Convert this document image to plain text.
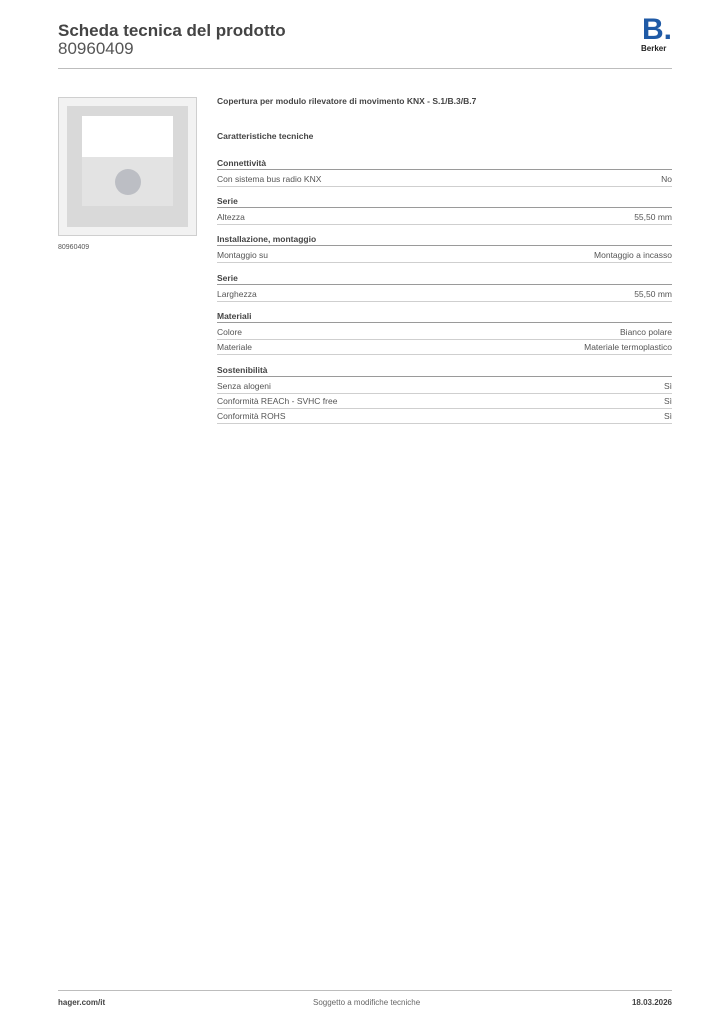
Scheda tecnica del prodotto
80960409
B.
Berker
80960409
Copertura per modulo rilevatore di movimento KNX - S.1/B.3/B.7
Caratteristiche tecniche
Connettività
Con sistema bus radio KNX	No
Serie
Altezza	55,50 mm
Installazione, montaggio
Montaggio su	Montaggio a incasso
Serie
Larghezza	55,50 mm
Materiali
Colore	Bianco polare
Materiale	Materiale termoplastico
Sostenibilità
Senza alogeni	Sì
Conformità REACh - SVHC free	Sì
Conformità ROHS	Sì
hager.com/it	Soggetto a modifiche tecniche	18.03.2026
